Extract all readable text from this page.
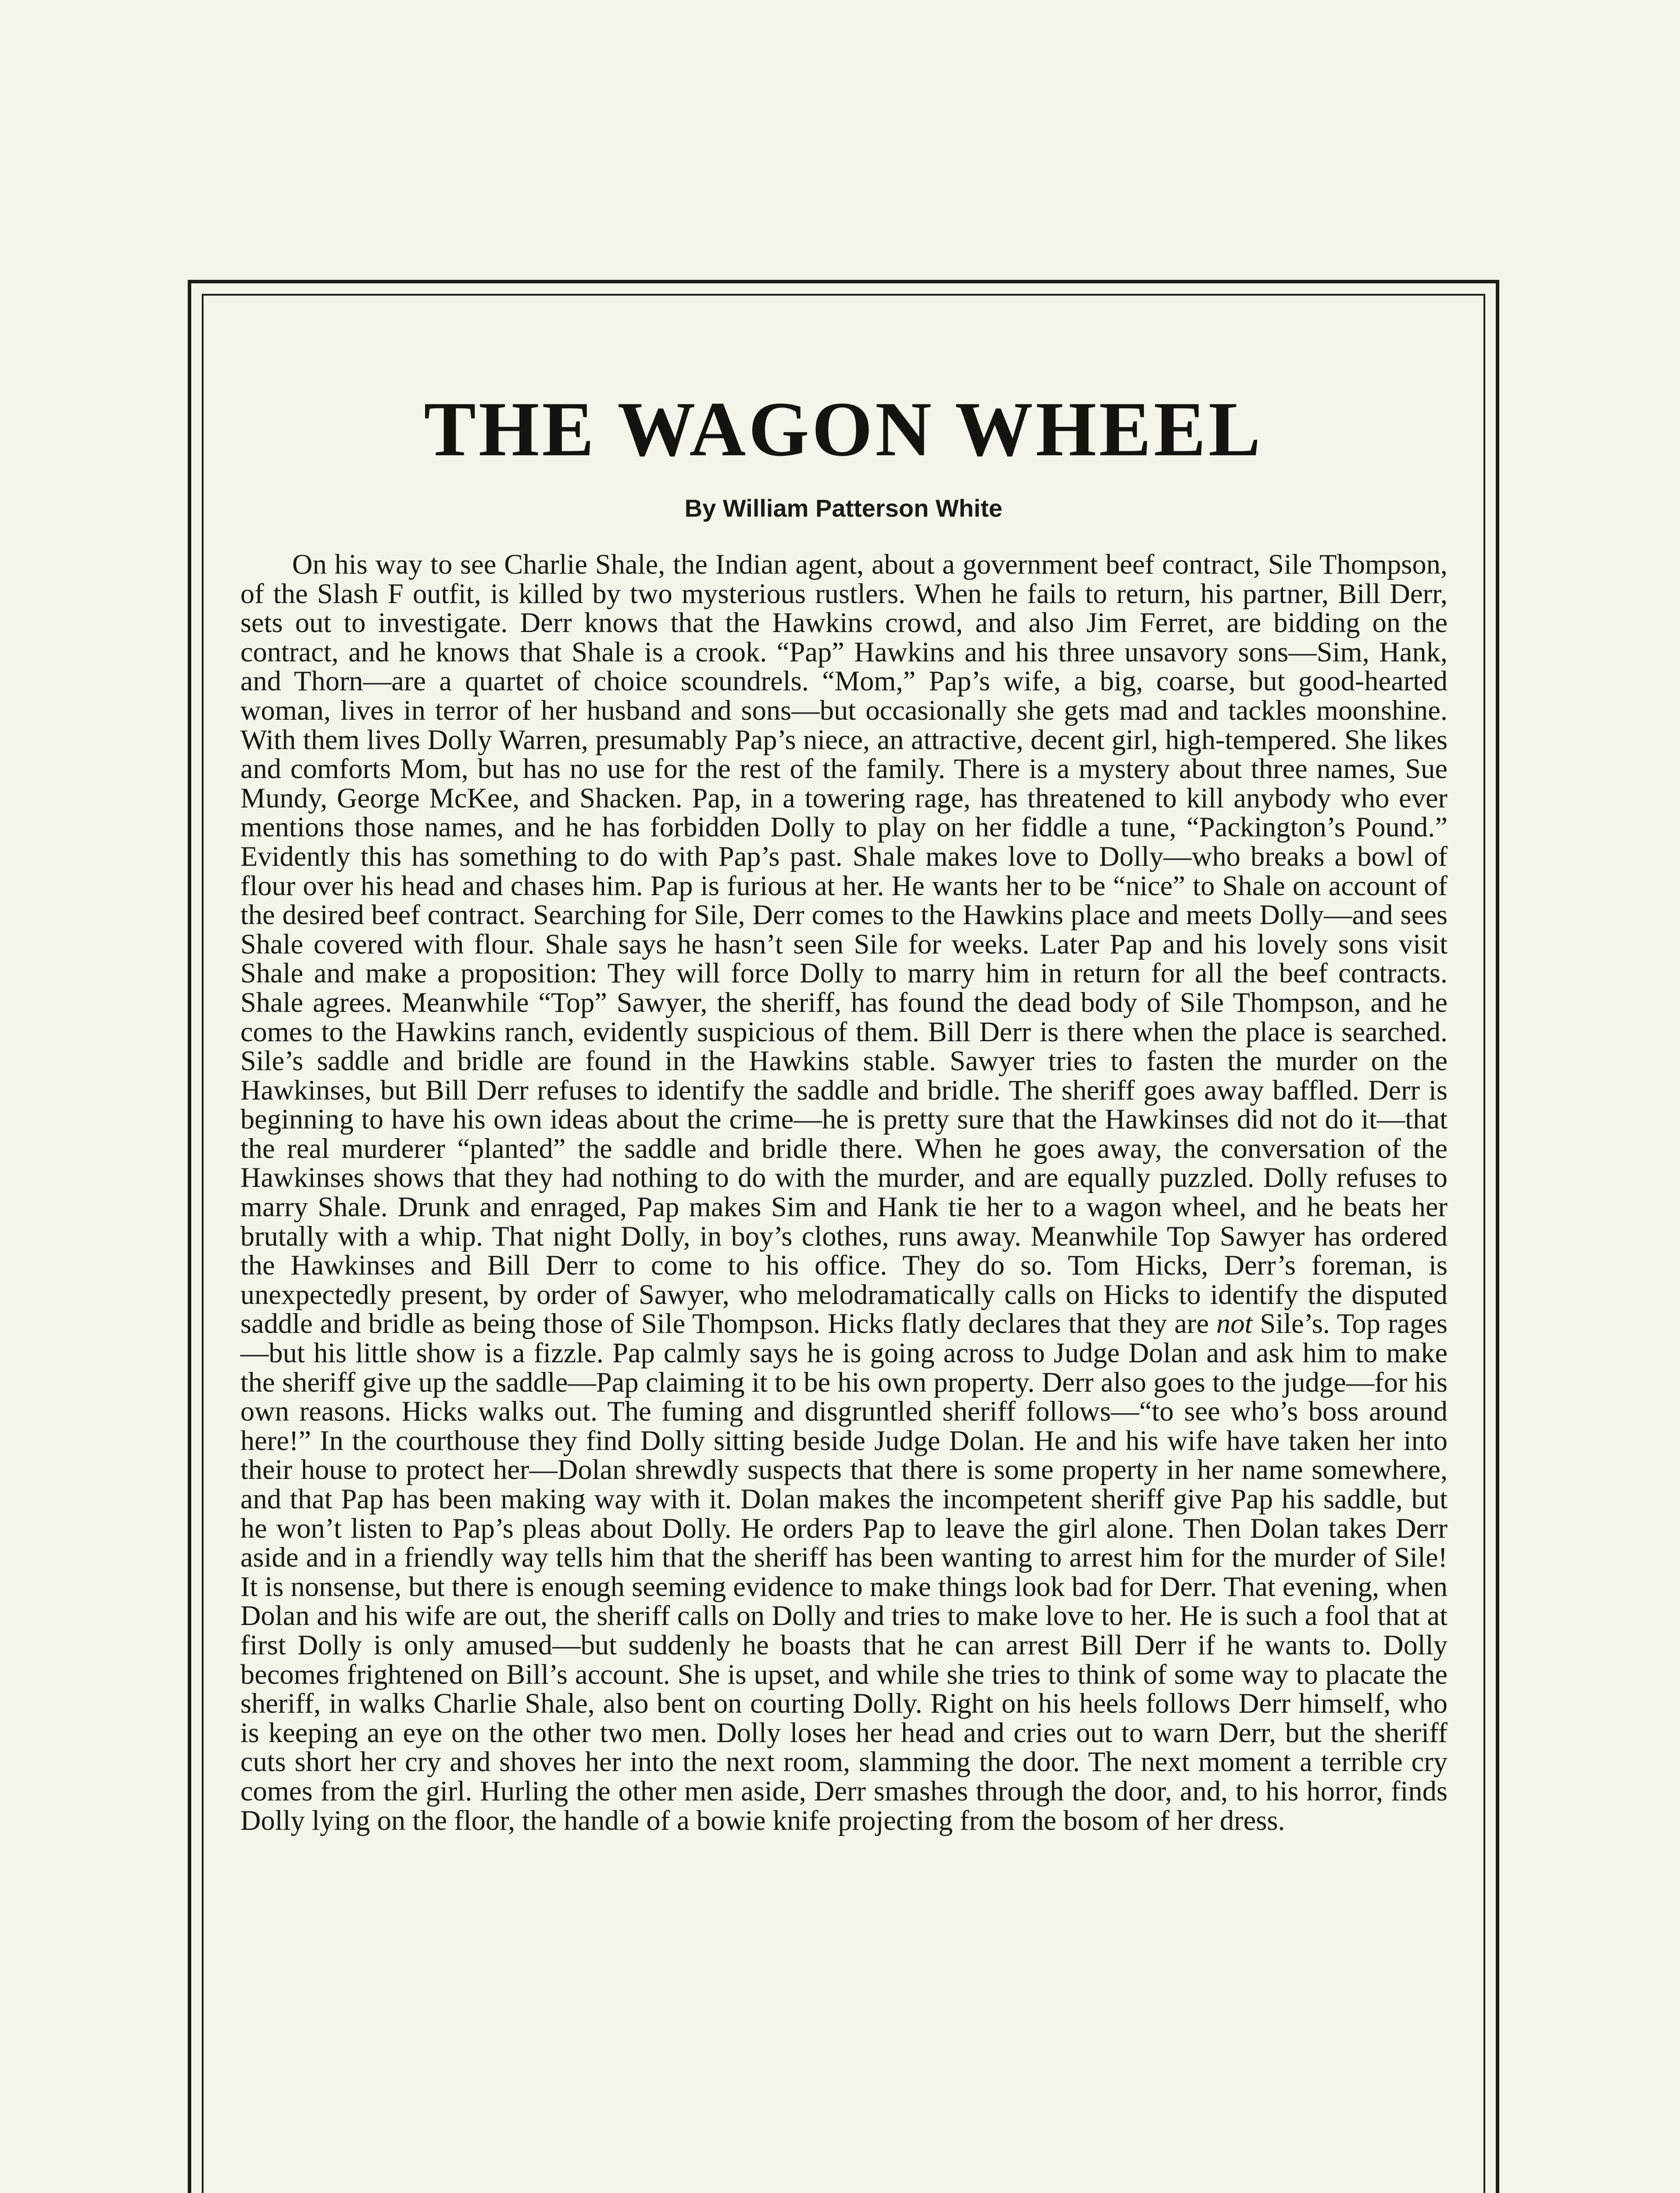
THE WAGON WHEEL
By William Patterson White

On his way to see Charlie Shale, the Indian agent, about a government beef contract, Sile Thompson, of the Slash F outfit, is killed by two mysterious rustlers. When he fails to return, his partner, Bill Derr, sets out to investigate. Derr knows that the Hawkins crowd, and also Jim Ferret, are bidding on the contract, and he knows that Shale is a crook. “Pap” Hawkins and his three unsavory sons—Sim, Hank, and Thorn—are a quartet of choice scoundrels. “Mom,” Pap’s wife, a big, coarse, but good-hearted woman, lives in terror of her husband and sons—but occasionally she gets mad and tackles moonshine. With them lives Dolly Warren, presumably Pap’s niece, an attractive, decent girl, high-tempered. She likes and comforts Mom, but has no use for the rest of the family. There is a mystery about three names, Sue Mundy, George McKee, and Shacken. Pap, in a towering rage, has threatened to kill anybody who ever mentions those names, and he has forbidden Dolly to play on her fiddle a tune, “Packington’s Pound.” Evidently this has something to do with Pap’s past. Shale makes love to Dolly—who breaks a bowl of flour over his head and chases him. Pap is furious at her. He wants her to be “nice” to Shale on account of the desired beef contract. Searching for Sile, Derr comes to the Hawkins place and meets Dolly—and sees Shale covered with flour. Shale says he hasn’t seen Sile for weeks. Later Pap and his lovely sons visit Shale and make a proposition: They will force Dolly to marry him in return for all the beef contracts. Shale agrees. Meanwhile “Top” Sawyer, the sheriff, has found the dead body of Sile Thompson, and he comes to the Hawkins ranch, evidently suspicious of them. Bill Derr is there when the place is searched. Sile’s saddle and bridle are found in the Hawkins stable. Sawyer tries to fasten the murder on the Hawkinses, but Bill Derr refuses to identify the saddle and bridle. The sheriff goes away baffled. Derr is beginning to have his own ideas about the crime—he is pretty sure that the Hawkinses did not do it—that the real murderer “planted” the saddle and bridle there. When he goes away, the conversation of the Hawkinses shows that they had nothing to do with the murder, and are equally puzzled. Dolly refuses to marry Shale. Drunk and enraged, Pap makes Sim and Hank tie her to a wagon wheel, and he beats her brutally with a whip. That night Dolly, in boy’s clothes, runs away. Meanwhile Top Sawyer has ordered the Hawkinses and Bill Derr to come to his office. They do so. Tom Hicks, Derr’s foreman, is unexpectedly present, by order of Sawyer, who melodramatically calls on Hicks to identify the disputed saddle and bridle as being those of Sile Thompson. Hicks flatly declares that they are not Sile’s. Top rages—but his little show is a fizzle. Pap calmly says he is going across to Judge Dolan and ask him to make the sheriff give up the saddle—Pap claiming it to be his own property. Derr also goes to the judge—for his own reasons. Hicks walks out. The fuming and disgruntled sheriff follows—“to see who’s boss around here!” In the courthouse they find Dolly sitting beside Judge Dolan. He and his wife have taken her into their house to protect her—Dolan shrewdly suspects that there is some property in her name somewhere, and that Pap has been making way with it. Dolan makes the incompetent sheriff give Pap his saddle, but he won’t listen to Pap’s pleas about Dolly. He orders Pap to leave the girl alone. Then Dolan takes Derr aside and in a friendly way tells him that the sheriff has been wanting to arrest him for the murder of Sile! It is nonsense, but there is enough seeming evidence to make things look bad for Derr. That evening, when Dolan and his wife are out, the sheriff calls on Dolly and tries to make love to her. He is such a fool that at first Dolly is only amused—but suddenly he boasts that he can arrest Bill Derr if he wants to. Dolly becomes frightened on Bill’s account. She is upset, and while she tries to think of some way to placate the sheriff, in walks Charlie Shale, also bent on courting Dolly. Right on his heels follows Derr himself, who is keeping an eye on the other two men. Dolly loses her head and cries out to warn Derr, but the sheriff cuts short her cry and shoves her into the next room, slamming the door. The next moment a terrible cry comes from the girl. Hurling the other men aside, Derr smashes through the door, and, to his horror, finds Dolly lying on the floor, the handle of a bowie knife projecting from the bosom of her dress.
